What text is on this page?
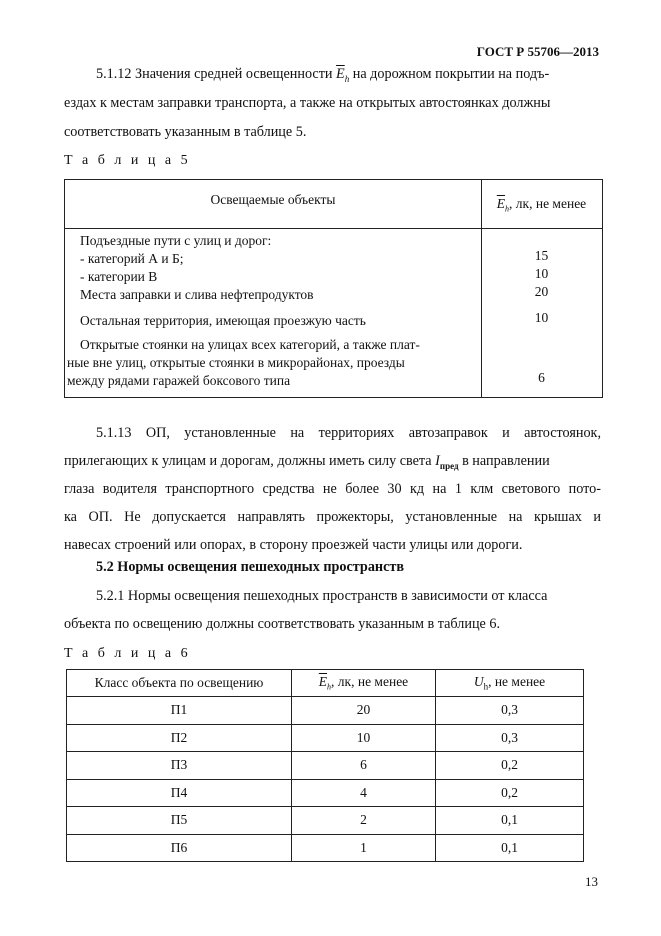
ГОСТ Р 55706—2013
5.1.12 Значения средней освещенности $\overline{E}_h$ на дорожном покрытии на подъ-
ездах к местам заправки транспорта, а также на открытых автостоянках должны
соответствовать указанным в таблице 5.
Т а б л и ц а 5
Освещаемые объекты	$\overline{E}_h$, лк, не менее
Подъездные пути с улиц и дорог:
- категорий А и Б;	15
- категории В	10
Места заправки и слива нефтепродуктов	20
Остальная территория, имеющая проезжую часть	10
Открытые стоянки на улицах всех категорий, а также плат-
ные вне улиц, открытые стоянки в микрорайонах, проезды
между рядами гаражей боксового типа	6
5.1.13 ОП, установленные на территориях автозаправок и автостоянок,
прилегающих к улицам и дорогам, должны иметь силу света $I_{пред}$ в направлении
глаза водителя транспортного средства не более 30 кд на 1 клм светового пото-
ка ОП. Не допускается направлять прожекторы, установленные на крышах и
навесах строений или опорах, в сторону проезжей части улицы или дороги.
5.2 Нормы освещения пешеходных пространств
5.2.1 Нормы освещения пешеходных пространств в зависимости от класса
объекта по освещению должны соответствовать указанным в таблице 6.
Т а б л и ц а 6
Класс объекта по освещению	$\overline{E}_h$, лк, не менее	$U_h$, не менее
П1	20	0,3
П2	10	0,3
П3	6	0,2
П4	4	0,2
П5	2	0,1
П6	1	0,1
13
